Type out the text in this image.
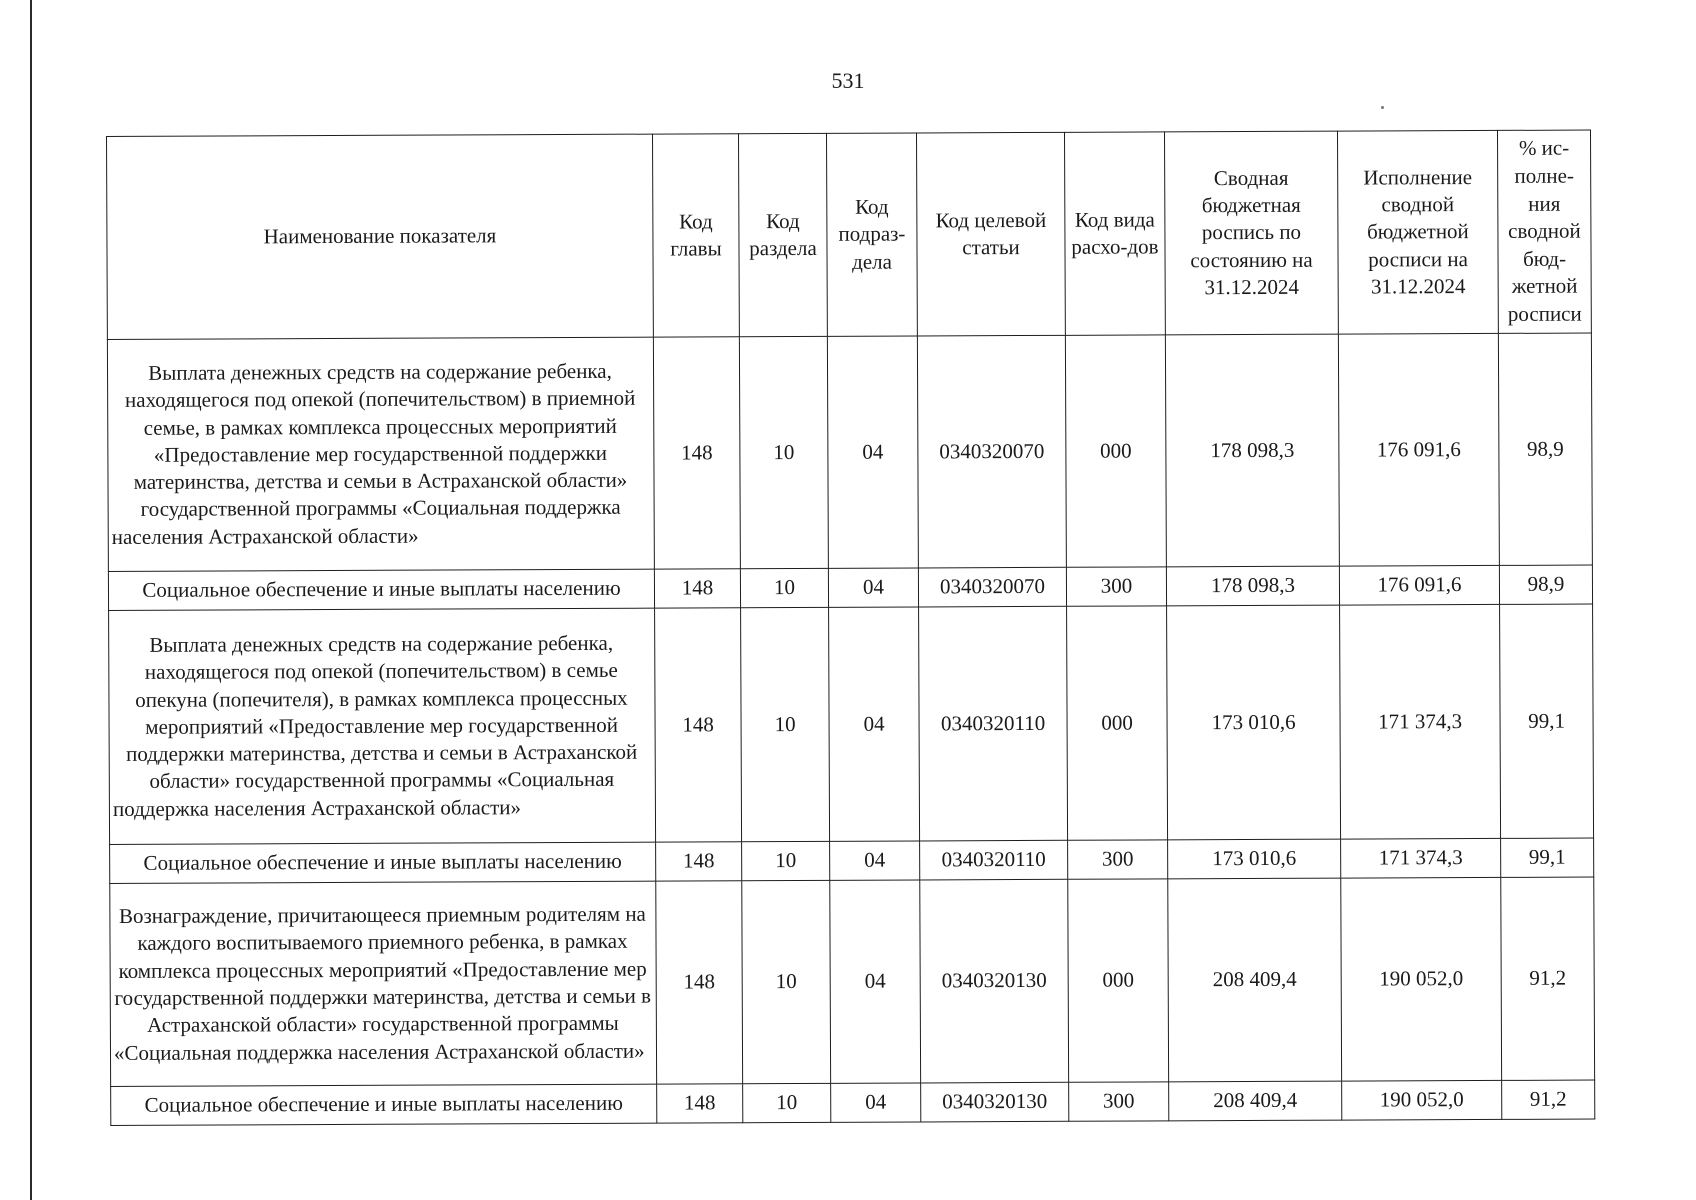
531
Наименование показателя	Код главы	Код раздела	Код подраз-дела	Код целевой статьи	Код вида расхо-дов	Сводная бюджетная роспись по состоянию на 31.12.2024	Исполнение сводной бюджетной росписи на 31.12.2024	% ис-полне-ния сводной бюд-жетной росписи
Выплата денежных средств на содержание ребенка, находящегося под опекой (попечительством) в приемной семье, в рамках комплекса процессных мероприятий «Предоставление мер государственной поддержки материнства, детства и семьи в Астраханской области» государственной программы «Социальная поддержка населения Астраханской области»	148	10	04	0340320070	000	178 098,3	176 091,6	98,9
Социальное обеспечение и иные выплаты населению	148	10	04	0340320070	300	178 098,3	176 091,6	98,9
Выплата денежных средств на содержание ребенка, находящегося под опекой (попечительством) в семье опекуна (попечителя), в рамках комплекса процессных мероприятий «Предоставление мер государственной поддержки материнства, детства и семьи в Астраханской области» государственной программы «Социальная поддержка населения Астраханской области»	148	10	04	0340320110	000	173 010,6	171 374,3	99,1
Социальное обеспечение и иные выплаты населению	148	10	04	0340320110	300	173 010,6	171 374,3	99,1
Вознаграждение, причитающееся приемным родителям на каждого воспитываемого приемного ребенка, в рамках комплекса процессных мероприятий «Предоставление мер государственной поддержки материнства, детства и семьи в Астраханской области» государственной программы «Социальная поддержка населения Астраханской области»	148	10	04	0340320130	000	208 409,4	190 052,0	91,2
Социальное обеспечение и иные выплаты населению	148	10	04	0340320130	300	208 409,4	190 052,0	91,2
